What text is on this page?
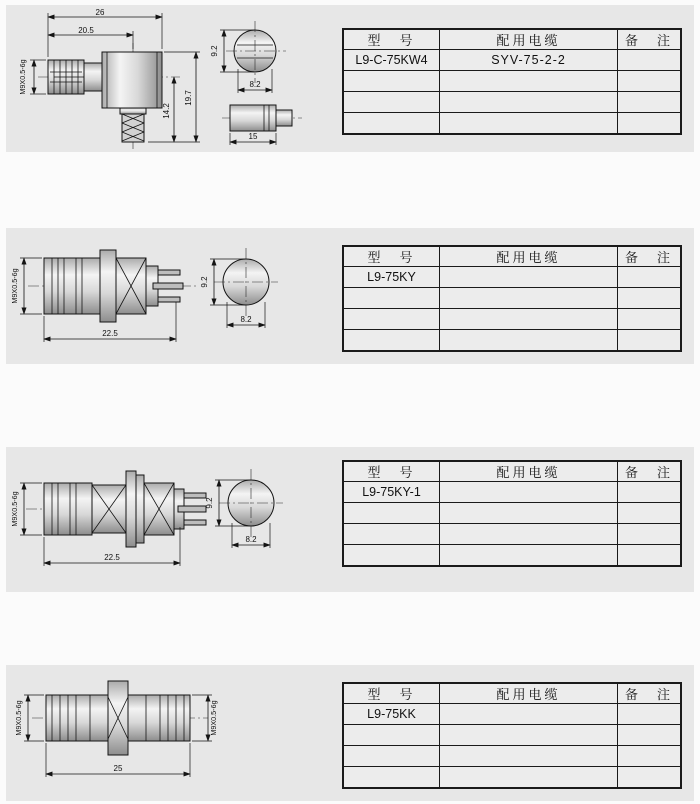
26
20.5
M9X0.5-6g
14.2
19.7
9.2
8.2
15
型　号	配用电缆	备　注
L9-C-75KW4	SYV-75-2-2	

M9X0.5-6g
22.5
9.2
8.2
型　号	配用电缆	备　注
L9-75KY		

M9X0.5-6g
22.5
9.2
8.2
型　号	配用电缆	备　注
L9-75KY-1		

M9X0.5-6g	M9X0.5-6g
25
型　号	配用电缆	备　注
L9-75KK		
